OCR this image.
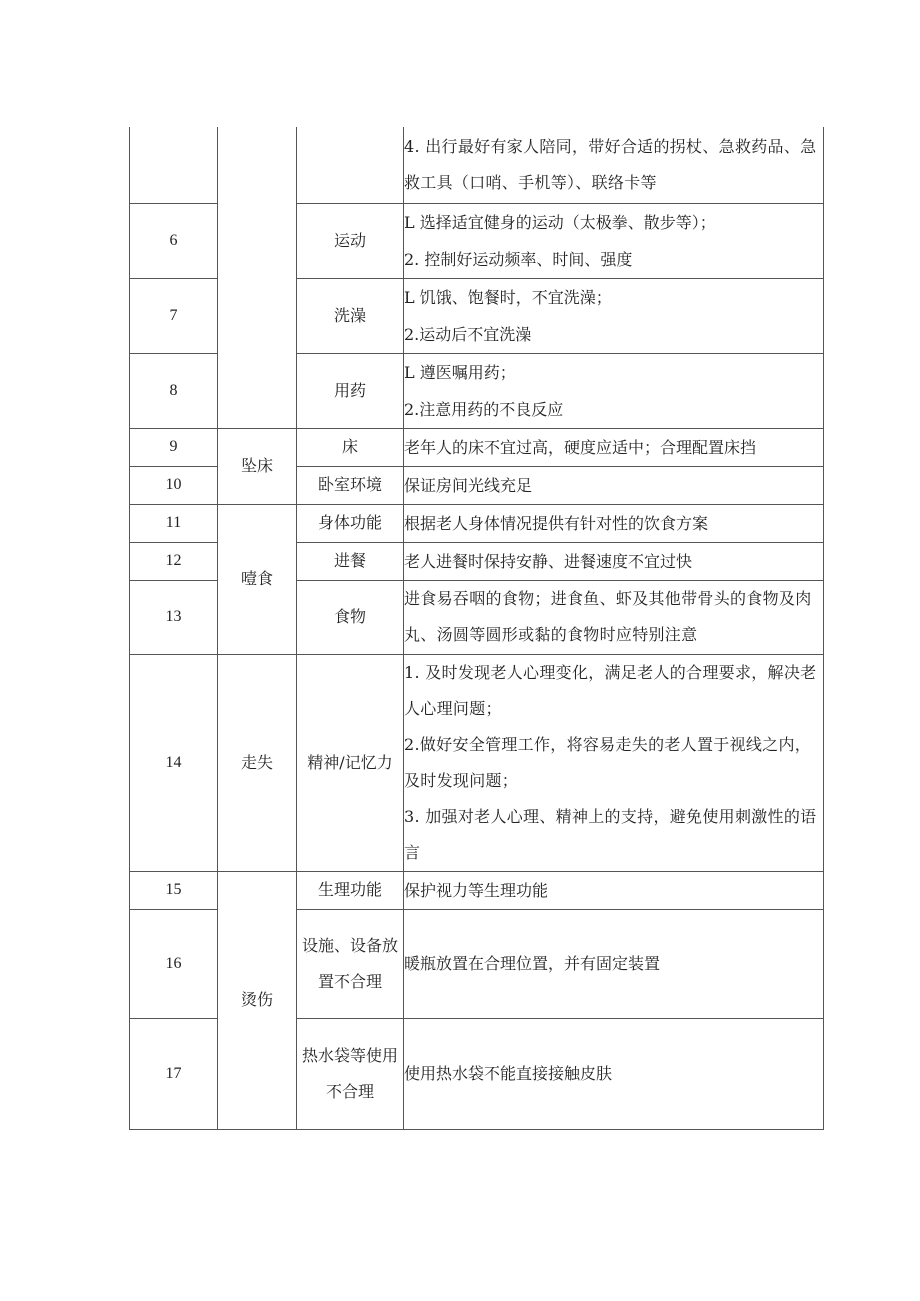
			4. 出行最好有家人陪同，带好合适的拐杖、急救药品、急救工具（口哨、手机等）、联络卡等

6		运动	L 选择适宜健身的运动（太极拳、散步等）；
2. 控制好运动频率、时间、强度

7		洗澡	L 饥饿、饱餐时，不宜洗澡；
2.运动后不宜洗澡

8		用药	L 遵医嘱用药；
2.注意用药的不良反应

9	坠床	床	老年人的床不宜过高，硬度应适中；合理配置床挡

10		卧室环境	保证房间光线充足

11	噎食	身体功能	根据老人身体情况提供有针对性的饮食方案

12		进餐	老人进餐时保持安静、进餐速度不宜过快

13		食物	进食易吞咽的食物；进食鱼、虾及其他带骨头的食物及肉丸、汤圆等圆形或黏的食物时应特别注意

14	走失	精神/记忆力	1. 及时发现老人心理变化，满足老人的合理要求，解决老人心理问题；
2.做好安全管理工作，将容易走失的老人置于视线之内，及时发现问题；
3. 加强对老人心理、精神上的支持，避免使用刺激性的语言

15	烫伤	生理功能	保护视力等生理功能

16		设施、设备放置不合理	暖瓶放置在合理位置，并有固定装置

17		热水袋等使用不合理	使用热水袋不能直接接触皮肤
